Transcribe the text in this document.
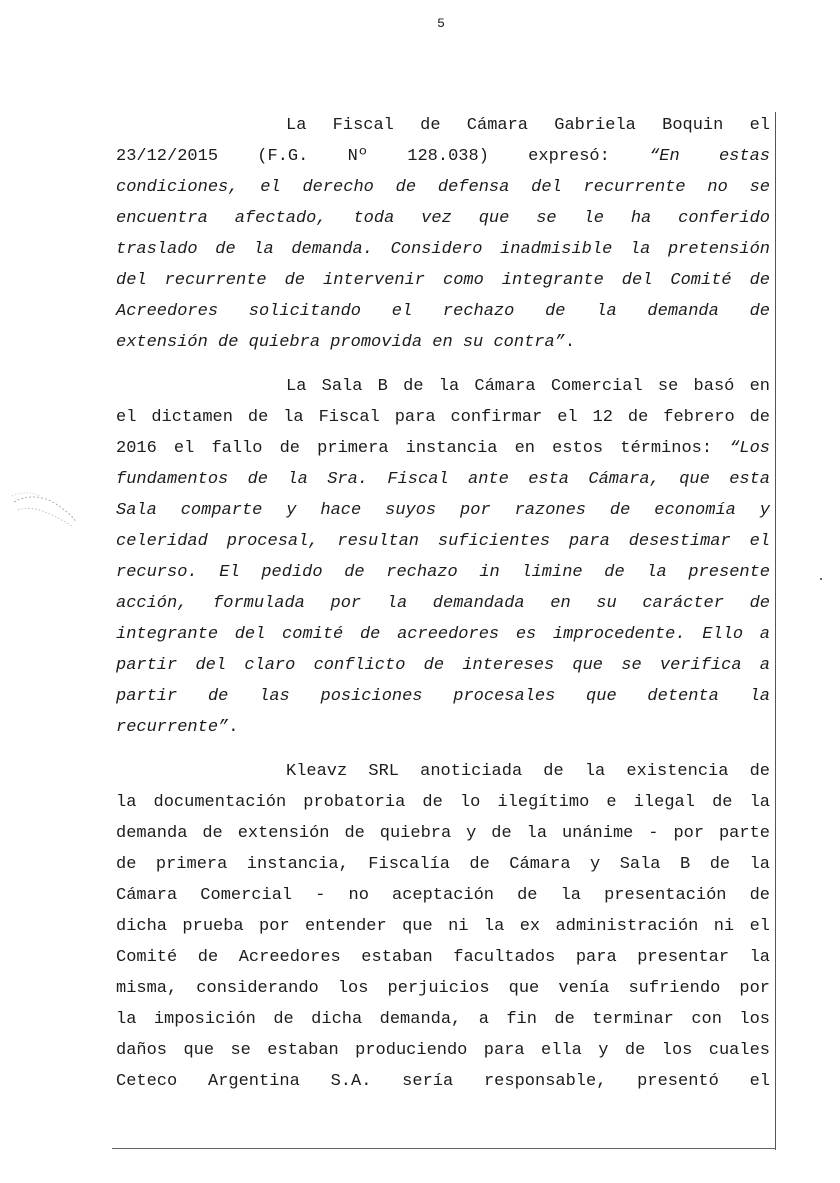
5
La Fiscal de Cámara Gabriela Boquin el
23/12/2015 (F.G. Nº 128.038) expresó: “En estas
condiciones, el derecho de defensa del recurrente no se
encuentra afectado, toda vez que se le ha conferido
traslado de la demanda. Considero inadmisible la pretensión
del recurrente de intervenir como integrante del Comité de
Acreedores solicitando el rechazo de la demanda de
extensión de quiebra promovida en su contra”.
La Sala B de la Cámara Comercial se basó en
el dictamen de la Fiscal para confirmar el 12 de febrero de
2016 el fallo de primera instancia en estos términos: “Los
fundamentos de la Sra. Fiscal ante esta Cámara, que esta
Sala comparte y hace suyos por razones de economía y
celeridad procesal, resultan suficientes para desestimar el
recurso. El pedido de rechazo in limine de la presente
acción, formulada por la demandada en su carácter de
integrante del comité de acreedores es improcedente. Ello a
partir del claro conflicto de intereses que se verifica a
partir de las posiciones procesales que detenta la
recurrente”.
Kleavz SRL anoticiada de la existencia de
la documentación probatoria de lo ilegítimo e ilegal de la
demanda de extensión de quiebra y de la unánime - por parte
de primera instancia, Fiscalía de Cámara y Sala B de la
Cámara Comercial - no aceptación de la presentación de
dicha prueba por entender que ni la ex administración ni el
Comité de Acreedores estaban facultados para presentar la
misma, considerando los perjuicios que venía sufriendo por
la imposición de dicha demanda, a fin de terminar con los
daños que se estaban produciendo para ella y de los cuales
Ceteco Argentina S.A. sería responsable, presentó el
